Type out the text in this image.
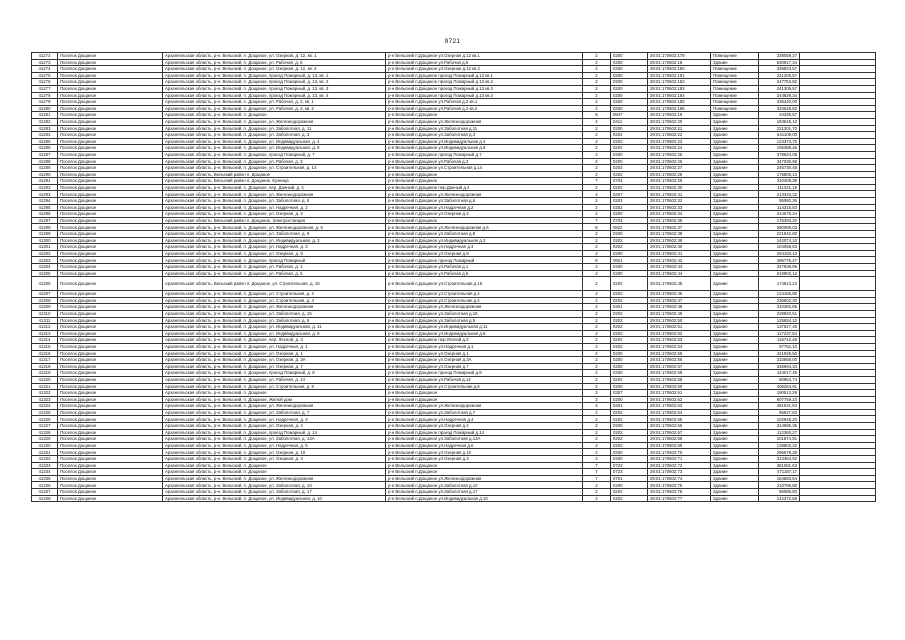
9721
41272	Поселок Дощаное	Архангельская область, р-н. Вельский, п. Дощаное, ул. Озерная, д. 12, кв. 1	р-н Вельский п.Дощаное ул.Озерная д.12 кв.1	2	0200	29:01:170602:179	Помещение	339059,27	
41273	Поселок Дощаное	Архангельская область, р-н. Вельский, п. Дощаное, ул. Рабочая, д. 5	р-н Вельский п.Дощаное ул.Рабочая д.5	2	0200	29:01:170602:18	Здание	630917,34	
41274	Поселок Дощаное	Архангельская область, р-н. Вельский, п. Дощаное, ул. Озерная, д. 12, кв. 2	р-н Вельский п.Дощаное ул.Озерная д.12 кв.2	2	0200	29:01:170602:180	Помещение	339823,57	
41275	Поселок Дощаное	Архангельская область, р-н. Вельский, п. Дощаное, проезд Пожарный, д. 13, кв. 1	р-н Вельский п.Дощаное проезд Пожарный д.13 кв.1	2	0200	29:01:170602:181	Помещение	241305,57	
41276	Поселок Дощаное	Архангельская область, р-н. Вельский, п. Дощаное, проезд Пожарный, д. 13, кв. 2	р-н Вельский п.Дощаное проезд Пожарный д.13 кв.2	2	0200	29:01:170602:182	Помещение	247753,82	
41277	Поселок Дощаное	Архангельская область, р-н. Вельский, п. Дощаное, проезд Пожарный, д. 13, кв. 3	р-н Вельский п.Дощаное проезд Пожарный д.13 кв.3	2	0200	29:01:170602:183	Помещение	241305,57	
41278	Поселок Дощаное	Архангельская область, р-н. Вельский, п. Дощаное, проезд Пожарный, д. 13, кв. 4	р-н Вельский п.Дощаное проезд Пожарный д.13 кв.4	2	0200	29:01:170602:184	Помещение	244829,34	
41279	Поселок Дощаное	Архангельская область, р-н. Вельский, п. Дощаное, ул. Рабочая, д. 2, кв. 1	р-н Вельский п.Дощаное ул.Рабочая д.2 кв.1	2	0200	29:01:170602:185	Помещение	335440,00	
41280	Поселок Дощаное	Архангельская область, р-н. Вельский, п. Дощаное, ул. Рабочая, д. 2, кв. 2	р-н Вельский п.Дощаное ул.Рабочая д.2 кв.2	2	0200	29:01:170602:186	Помещение	333548,82	
41281	Поселок Дощаное	Архангельская область, р-н. Вельский, п. Дощаное	р-н Вельский п.Дощаное	8	0847	29:01:170602:19	Здание	34335,57	
41282	Поселок Дощаное	Архангельская область, р-н. Вельский, п. Дощаное, ул. Железнодорожная	р-н Вельский п.Дощаное ул.Железнодорожная	4	0411	29:01:170602:20	Здание	183545,10	
41283	Поселок Дощаное	Архангельская область, р-н. Вельский, п. Дощаное, ул. Заболотная, д. 11	р-н Вельский п.Дощаное ул.Заболотная д.11	2	0200	29:01:170602:21	Здание	221301,70	
41284	Поселок Дощаное	Архангельская область, р-н. Вельский, п. Дощаное, ул. Заболотная, д. 3	р-н Вельский п.Дощаное ул.Заболотная д.3	2	0202	29:01:170602:22	Здание	541109,00	
41285	Поселок Дощаное	Архангельская область, р-н. Вельский, п. Дощаное, ул. Индивидуальная, д. 4	р-н Вельский п.Дощаное ул.Индивидуальная д.4	2	0202	29:01:170602:23	Здание	123374,75	
41286	Поселок Дощаное	Архангельская область, р-н. Вельский, п. Дощаное, ул. Индивидуальная, д. 8	р-н Вельский п.Дощаное ул.Индивидуальная д.8	2	0202	29:01:170602:24	Здание	105388,46	
41287	Поселок Дощаное	Архангельская область, р-н. Вельский, п. Дощаное, проезд Пожарный, д. 7	р-н Вельский п.Дощаное проезд Пожарный д.7	2	0200	29:01:170602:25	Здание	379624,08	
41288	Поселок Дощаное	Архангельская область, р-н. Вельский, п. Дощаное, ул. Рабочая, д. 3	р-н Вельский п.Дощаное ул.Рабочая д.3	2	0200	29:01:170602:26	Здание	347036,96	
41289	Поселок Дощаное	Архангельская область, р-н. Вельский, п. Дощаное, ул. Строительная, д. 14	р-н Вельский п.Дощаное ул.Строительная д.14	2	0202	29:01:170602:27	Здание	245730,48	
41290	Поселок Дощаное	Архангельская область, Вельский район п. Дощаное	р-н Вельский п.Дощаное	2	0202	29:01:170602:28	Здание	175805,13	
41291	Поселок Дощаное	Архангельская область, Вельский район п. Дощаное, Кузница	р-н Вельский п.Дощаное	7	0704	29:01:170602:29	Здание	310408,38	
41292	Поселок Дощаное	Архангельская область, р-н. Вельский, п. Дощаное, пер. Данный, д. 4	р-н Вельский п.Дощаное пер.Данный д.4	2	0202	29:01:170602:30	Здание	111331,18	
41293	Поселок Дощаное	Архангельская область, р-н. Вельский, п. Дощаное, ул. Железнодорожная	р-н Вельский п.Дощаное ул.Железнодорожная	4	0407	29:01:170602:31	Здание	213333,32	
41294	Поселок Дощаное	Архангельская область, р-н. Вельский, п. Дощаное, ул. Заболотная, д. 6	р-н Вельский п.Дощаное ул.Заболотная д.6	2	0202	29:01:170602:32	Здание	95060,36	
41295	Поселок Дощаное	Архангельская область, р-н. Вельский, п. Дощаное, ул. Надречная, д. 2	р-н Вельский п.Дощаное ул.Надречная д.2	2	0202	29:01:170602:33	Здание	114315,83	
41296	Поселок Дощаное	Архангельская область, р-н. Вельский, п. Дощаное, ул. Озерная, д. 2	р-н Вельский п.Дощаное ул.Озерная д.2	2	0200	29:01:170602:34	Здание	314675,24	
41297	Поселок Дощаное	Архангельская область, Вельский район п. Дощаное, Электростанция	р-н Вельский п.Дощаное	7	0704	29:01:170602:36	Здание	176393,20	
41298	Поселок Дощаное	Архангельская область, р-н. Вельский, п. Дощаное, ул. Железнодорожная, д. 6	р-н Вельский п.Дощаное ул.Железнодорожная д.6	8	0822	29:01:170602:37	Здание	590089,03	
41299	Поселок Дощаное	Архангельская область, р-н. Вельский, п. Дощаное, ул. Заболотная, д. 8	р-н Вельский п.Дощаное ул.Заболотная д.8	2	0200	29:01:170602:38	Здание	221842,80	
41300	Поселок Дощаное	Архангельская область, р-н. Вельский, п. Дощаное, ул. Индивидуальная, д. 3	р-н Вельский п.Дощаное ул.Индивидуальная д.3	2	0202	29:01:170602:39	Здание	142074,10	
41301	Поселок Дощаное	Архангельская область, р-н. Вельский, п. Дощаное, ул. Надречная, д. 3	р-н Вельский п.Дощаное ул.Надречная д.3	2	0202	29:01:170602:40	Здание	104068,83	
41302	Поселок Дощаное	Архангельская область, р-н. Вельский, п. Дощаное, ул. Озерная, д. 9	р-н Вельский п.Дощаное ул.Озерная д.9	2	0200	29:01:170602:41	Здание	294193,13	
41303	Поселок Дощаное	Архангельская область, р-н. Вельский, п. Дощаное, проезд Пожарный	р-н Вельский п.Дощаное проезд Пожарный	8	0821	29:01:170602:42	Здание	396775,47	
41304	Поселок Дощаное	Архангельская область, р-н. Вельский, п. Дощаное, ул. Рабочая, д. 1	р-н Вельский п.Дощаное ул.Рабочая д.1	2	0200	29:01:170602:43	Здание	347939,96	
41305	Поселок Дощаное	Архангельская область, р-н. Вельский, п. Дощаное, ул. Рабочая, д. 6	р-н Вельский п.Дощаное ул.Рабочая д.6	2	0200	29:01:170602:44	Здание	619903,12	
41306	Поселок Дощаное	Архангельская область, Вельский район п. Дощаное, ул. Строительная, д. 16	р-н Вельский п.Дощаное ул.Строительная д.16	2	0202	29:01:170602:45	Здание	174813,23	
41307	Поселок Дощаное	Архангельская область, р-н. Вельский, п. Дощаное, ул. Строительная, д. 2	р-н Вельский п.Дощаное ул.Строительная д.2	2	0202	29:01:170602:46	Здание	124165,80	
41308	Поселок Дощаное	Архангельская область, р-н. Вельский, п. Дощаное, ул. Строительная, д. 4	р-н Вельский п.Дощаное ул.Строительная д.4	2	0202	29:01:170602:47	Здание	236602,30	
41309	Поселок Дощаное	Архангельская область, р-н. Вельский, п. Дощаное, ул. Железнодорожная	р-н Вельский п.Дощаное ул.Железнодорожная	4	0401	29:01:170602:48	Здание	310382,86	
41310	Поселок Дощаное	Архангельская область, р-н. Вельский, п. Дощаное, ул. Заболотная, д. 15	р-н Вельский п.Дощаное ул.Заболотная д.15	2	0202	29:01:170602:49	Здание	229820,51	
41311	Поселок Дощаное	Архангельская область, р-н. Вельский, п. Дощаное, ул. Заболотная, д. 5	р-н Вельский п.Дощаное ул.Заболотная д.5	2	0202	29:01:170602:50	Здание	125654,10	
41312	Поселок Дощаное	Архангельская область, р-н. Вельский, п. Дощаное, ул. Индивидуальная, д. 11	р-н Вельский п.Дощаное ул.Индивидуальная д.11	2	0202	29:01:170602:51	Здание	137627,48	
41313	Поселок Дощаное	Архангельская область, р-н. Вельский, п. Дощаное, ул. Индивидуальная, д. 6	р-н Вельский п.Дощаное ул.Индивидуальная д.6	2	0202	29:01:170602:52	Здание	117237,54	
41314	Поселок Дощаное	Архангельская область, р-н. Вельский, п. Дощаное, пер. Лесной, д. 3	р-н Вельский п.Дощаное пер.Лесной д.3	2	0202	29:01:170602:53	Здание	116742,48	
41315	Поселок Дощаное	Архангельская область, р-н. Вельский, п. Дощаное, ул. Надречная, д. 1	р-н Вельский п.Дощаное ул.Надречная д.1	2	0202	29:01:170602:54	Здание	97752,10	
41316	Поселок Дощаное	Архангельская область, р-н. Вельский, п. Дощаное, ул. Озерная, д. 1	р-н Вельский п.Дощаное ул.Озерная д.1	2	0200	29:01:170602:55	Здание	421925,50	
41317	Поселок Дощаное	Архангельская область, р-н. Вельский, п. Дощаное, ул. Озерная, д. 3А	р-н Вельский п.Дощаное ул.Озерная д.3А	2	0200	29:01:170602:56	Здание	310658,00	
41318	Поселок Дощаное	Архангельская область, р-н. Вельский, п. Дощаное, ул. Озерная, д. 7	р-н Вельский п.Дощаное ул.Озерная д.7	2	0200	29:01:170602:57	Здание	346694,33	
41319	Поселок Дощаное	Архангельская область, р-н. Вельский, п. Дощаное, проезд Пожарный, д. 8	р-н Вельский п.Дощаное проезд Пожарный д.8	2	0200	29:01:170602:58	Здание	114017,45	
41320	Поселок Дощаное	Архангельская область, р-н. Вельский, п. Дощаное, ул. Рабочая, д. 14	р-н Вельский п.Дощаное ул.Рабочая д.14	2	0202	29:01:170602:59	Здание	80864,74	
41321	Поселок Дощаное	Архангельская область, р-н. Вельский, п. Дощаное, ул. Строительная, д. 8	р-н Вельский п.Дощаное ул.Строительная д.8	2	0200	29:01:170602:60	Здание	406264,91	
41322	Поселок Дощаное	Архангельская область, р-н. Вельский, п. Дощаное	р-н Вельский п.Дощаное	3	0307	29:01:170602:61	Здание	190513,28	
41323	Поселок Дощаное	Архангельская область, р-н. Вельский, п. Дощаное, Жилой дом	р-н Вельский п.Дощаное	2	0200	29:01:170602:62	Здание	607759,23	
41324	Поселок Дощаное	Архангельская область, р-н. Вельский, п. Дощаное, ул. Железнодорожная	р-н Вельский п.Дощаное ул.Железнодорожная	4	0401	29:01:170602:63	Здание	481531,84	
41325	Поселок Дощаное	Архангельская область, р-н. Вельский, п. Дощаное, ул. Заболотная, д. 7	р-н Вельский п.Дощаное ул.Заболотная д.7	2	0202	29:01:170602:64	Здание	96927,63	
41326	Поселок Дощаное	Архангельская область, р-н. Вельский, п. Дощаное, ул. Надречная, д. 4	р-н Вельский п.Дощаное ул.Надречная д.4	2	0202	29:01:170602:65	Здание	102948,20	
41327	Поселок Дощаное	Архангельская область, р-н. Вельский, п. Дощаное, ул. Озерная, д. 4	р-н Вельский п.Дощаное ул.Озерная д.4	2	0200	29:01:170602:66	Здание	314695,35	
41328	Поселок Дощаное	Архангельская область, р-н. Вельский, п. Дощаное, проезд Пожарный, д. 14	р-н Вельский п.Дощаное проезд Пожарный д.14	2	0202	29:01:170602:67	Здание	112360,27	
41329	Поселок Дощаное	Архангельская область, р-н. Вельский, п. Дощаное, ул. Заболотная, д. 13А	р-н Вельский п.Дощаное ул.Заболотная д.13А	2	0202	29:01:170602:68	Здание	101874,51	
41330	Поселок Дощаное	Архангельская область, р-н. Вельский, п. Дощаное, ул. Надречная, д. 6	р-н Вельский п.Дощаное ул.Надречная д.6	2	0202	29:01:170602:69	Здание	139802,22	
41331	Поселок Дощаное	Архангельская область, р-н. Вельский, п. Дощаное, ул. Озерная, д. 10	р-н Вельский п.Дощаное ул.Озерная д.10	2	0200	29:01:170602:70	Здание	296678,39	
41332	Поселок Дощаное	Архангельская область, р-н. Вельский, п. Дощаное, ул. Озерная, д. 3	р-н Вельский п.Дощаное ул.Озерная д.3	2	0200	29:01:170602:71	Здание	313463,92	
41333	Поселок Дощаное	Архангельская область, р-н. Вельский, п. Дощаное	р-н Вельский п.Дощаное	7	0723	29:01:170602:72	Здание	361081,63	
41334	Поселок Дощаное	Архангельская область, р-н. Вельский, п. Дощаное	р-н Вельский п.Дощаное	7	0723	29:01:170602:73	Здание	471187,17	
41335	Поселок Дощаное	Архангельская область, р-н. Вельский, п. Дощаное, ул. Железнодорожная	р-н Вельский п.Дощаное ул.Железнодорожная	7	0701	29:01:170602:74	Здание	164583,54	
41336	Поселок Дощаное	Архангельская область, р-н. Вельский, п. Дощаное, ул. Заболотная, д. 10	р-н Вельский п.Дощаное ул.Заболотная д.10	2	0200	29:01:170602:75	Здание	210795,80	
41337	Поселок Дощаное	Архангельская область, р-н. Вельский, п. Дощаное, ул. Заболотная, д. 17	р-н Вельский п.Дощаное ул.Заболотная д.17	2	0202	29:01:170602:76	Здание	86086,80	
41338	Поселок Дощаное	Архангельская область, р-н. Вельский, п. Дощаное, ул. Индивидуальная, д. 10	р-н Вельский п.Дощаное ул.Индивидуальная д.10	2	0202	29:01:170602:77	Здание	142372,58	
